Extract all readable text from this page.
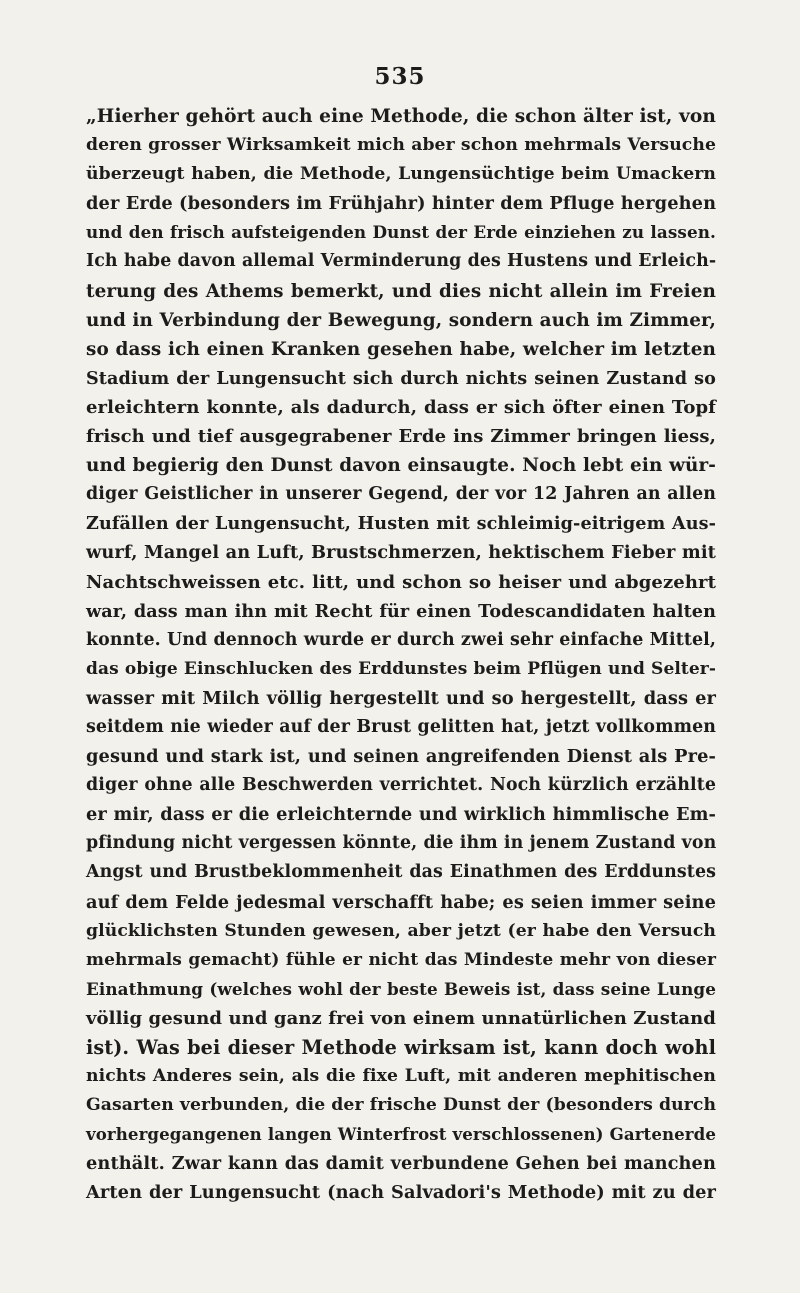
535
„Hierher gehört auch eine Methode, die schon älter ist, von
deren grosser Wirksamkeit mich aber schon mehrmals Versuche
überzeugt haben, die Methode, Lungensüchtige beim Umackern
der Erde (besonders im Frühjahr) hinter dem Pfluge hergehen
und den frisch aufsteigenden Dunst der Erde einziehen zu lassen.
Ich habe davon allemal Verminderung des Hustens und Erleich-
terung des Athems bemerkt, und dies nicht allein im Freien
und in Verbindung der Bewegung, sondern auch im Zimmer,
so dass ich einen Kranken gesehen habe, welcher im letzten
Stadium der Lungensucht sich durch nichts seinen Zustand so
erleichtern konnte, als dadurch, dass er sich öfter einen Topf
frisch und tief ausgegrabener Erde ins Zimmer bringen liess,
und begierig den Dunst davon einsaugte. Noch lebt ein wür-
diger Geistlicher in unserer Gegend, der vor 12 Jahren an allen
Zufällen der Lungensucht, Husten mit schleimig-eitrigem Aus-
wurf, Mangel an Luft, Brustschmerzen, hektischem Fieber mit
Nachtschweissen etc. litt, und schon so heiser und abgezehrt
war, dass man ihn mit Recht für einen Todescandidaten halten
konnte. Und dennoch wurde er durch zwei sehr einfache Mittel,
das obige Einschlucken des Erddunstes beim Pflügen und Selter-
wasser mit Milch völlig hergestellt und so hergestellt, dass er
seitdem nie wieder auf der Brust gelitten hat, jetzt vollkommen
gesund und stark ist, und seinen angreifenden Dienst als Pre-
diger ohne alle Beschwerden verrichtet. Noch kürzlich erzählte
er mir, dass er die erleichternde und wirklich himmlische Em-
pfindung nicht vergessen könnte, die ihm in jenem Zustand von
Angst und Brustbeklommenheit das Einathmen des Erddunstes
auf dem Felde jedesmal verschafft habe; es seien immer seine
glücklichsten Stunden gewesen, aber jetzt (er habe den Versuch
mehrmals gemacht) fühle er nicht das Mindeste mehr von dieser
Einathmung (welches wohl der beste Beweis ist, dass seine Lunge
völlig gesund und ganz frei von einem unnatürlichen Zustand
ist). Was bei dieser Methode wirksam ist, kann doch wohl
nichts Anderes sein, als die fixe Luft, mit anderen mephitischen
Gasarten verbunden, die der frische Dunst der (besonders durch
vorhergegangenen langen Winterfrost verschlossenen) Gartenerde
enthält. Zwar kann das damit verbundene Gehen bei manchen
Arten der Lungensucht (nach Salvadori's Methode) mit zu der
